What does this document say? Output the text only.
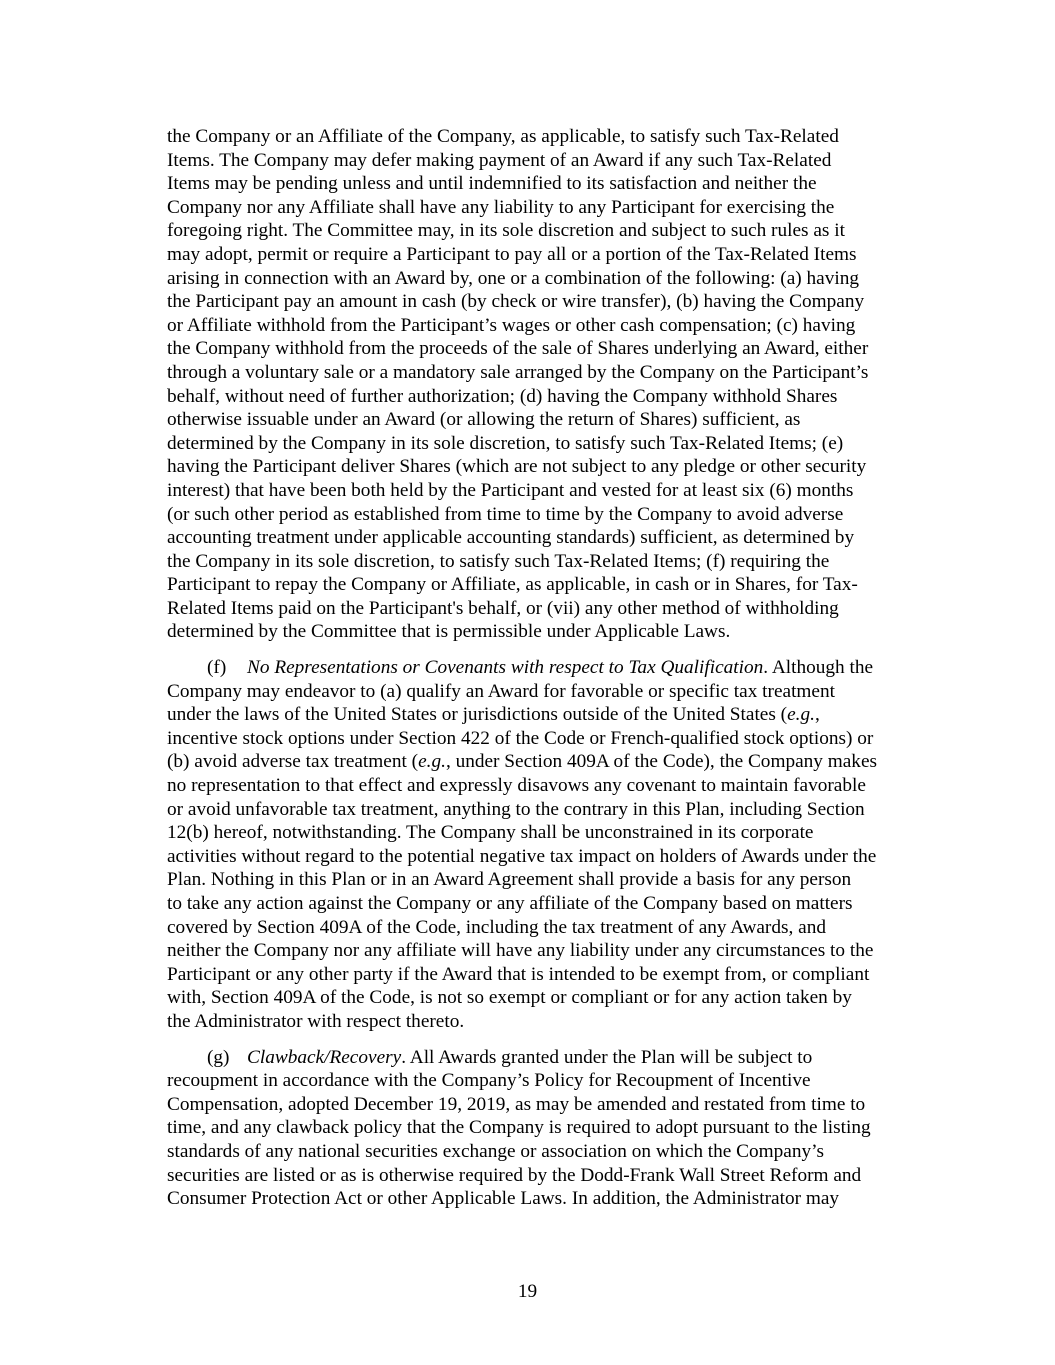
the Company or an Affiliate of the Company, as applicable, to satisfy such Tax-Related
Items. The Company may defer making payment of an Award if any such Tax-Related
Items may be pending unless and until indemnified to its satisfaction and neither the
Company nor any Affiliate shall have any liability to any Participant for exercising the
foregoing right. The Committee may, in its sole discretion and subject to such rules as it
may adopt, permit or require a Participant to pay all or a portion of the Tax-Related Items
arising in connection with an Award by, one or a combination of the following: (a) having
the Participant pay an amount in cash (by check or wire transfer), (b) having the Company
or Affiliate withhold from the Participant’s wages or other cash compensation; (c) having
the Company withhold from the proceeds of the sale of Shares underlying an Award, either
through a voluntary sale or a mandatory sale arranged by the Company on the Participant’s
behalf, without need of further authorization; (d) having the Company withhold Shares
otherwise issuable under an Award (or allowing the return of Shares) sufficient, as
determined by the Company in its sole discretion, to satisfy such Tax-Related Items; (e)
having the Participant deliver Shares (which are not subject to any pledge or other security
interest) that have been both held by the Participant and vested for at least six (6) months
(or such other period as established from time to time by the Company to avoid adverse
accounting treatment under applicable accounting standards) sufficient, as determined by
the Company in its sole discretion, to satisfy such Tax-Related Items; (f) requiring the
Participant to repay the Company or Affiliate, as applicable, in cash or in Shares, for Tax-
Related Items paid on the Participant's behalf, or (vii) any other method of withholding
determined by the Committee that is permissible under Applicable Laws.
(f) No Representations or Covenants with respect to Tax Qualification. Although the
Company may endeavor to (a) qualify an Award for favorable or specific tax treatment
under the laws of the United States or jurisdictions outside of the United States (e.g.,
incentive stock options under Section 422 of the Code or French-qualified stock options) or
(b) avoid adverse tax treatment (e.g., under Section 409A of the Code), the Company makes
no representation to that effect and expressly disavows any covenant to maintain favorable
or avoid unfavorable tax treatment, anything to the contrary in this Plan, including Section
12(b) hereof, notwithstanding. The Company shall be unconstrained in its corporate
activities without regard to the potential negative tax impact on holders of Awards under the
Plan. Nothing in this Plan or in an Award Agreement shall provide a basis for any person
to take any action against the Company or any affiliate of the Company based on matters
covered by Section 409A of the Code, including the tax treatment of any Awards, and
neither the Company nor any affiliate will have any liability under any circumstances to the
Participant or any other party if the Award that is intended to be exempt from, or compliant
with, Section 409A of the Code, is not so exempt or compliant or for any action taken by
the Administrator with respect thereto.
(g) Clawback/Recovery. All Awards granted under the Plan will be subject to
recoupment in accordance with the Company’s Policy for Recoupment of Incentive
Compensation, adopted December 19, 2019, as may be amended and restated from time to
time, and any clawback policy that the Company is required to adopt pursuant to the listing
standards of any national securities exchange or association on which the Company’s
securities are listed or as is otherwise required by the Dodd-Frank Wall Street Reform and
Consumer Protection Act or other Applicable Laws. In addition, the Administrator may
19
